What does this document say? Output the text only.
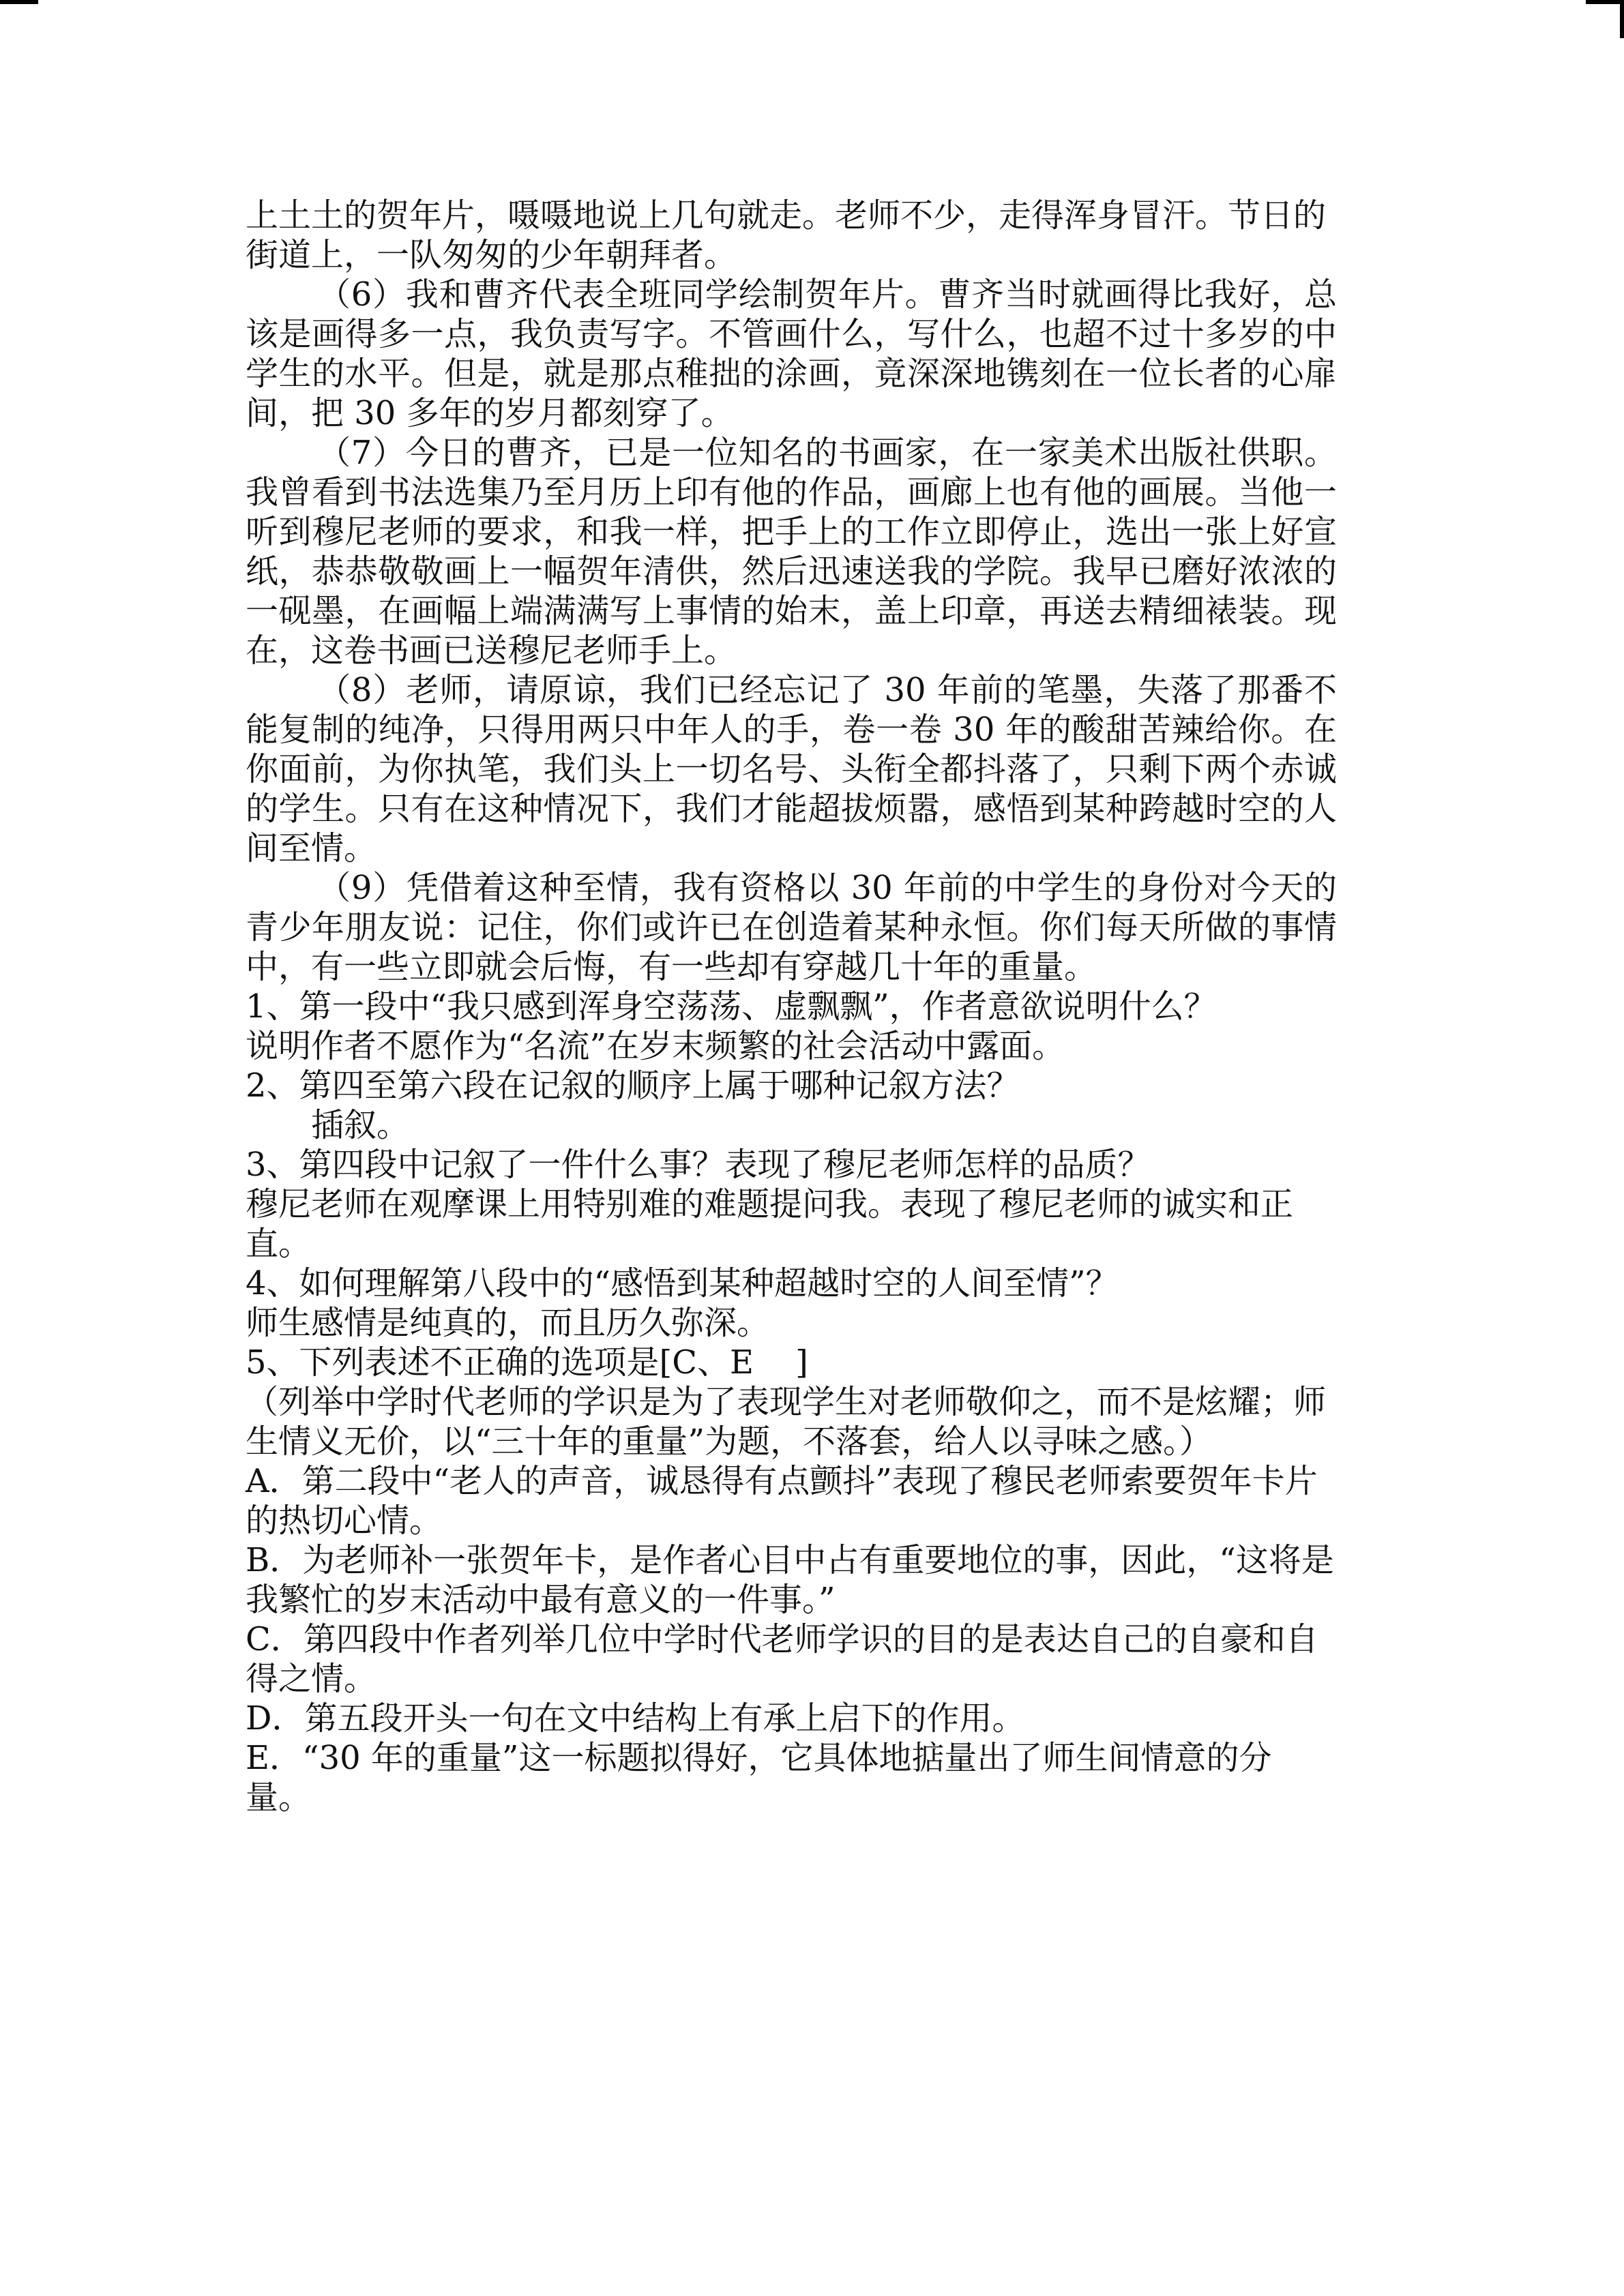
上土土的贺年片，嗫嗫地说上几句就走。老师不少，走得浑身冒汗。节日的街道上，一队匆匆的少年朝拜者。

（6）我和曹齐代表全班同学绘制贺年片。曹齐当时就画得比我好，总该是画得多一点，我负责写字。不管画什么，写什么，也超不过十多岁的中学生的水平。但是，就是那点稚拙的涂画，竟深深地镌刻在一位长者的心扉间，把 30 多年的岁月都刻穿了。

（7）今日的曹齐，已是一位知名的书画家，在一家美术出版社供职。我曾看到书法选集乃至月历上印有他的作品，画廊上也有他的画展。当他一听到穆尼老师的要求，和我一样，把手上的工作立即停止，选出一张上好宣纸，恭恭敬敬画上一幅贺年清供，然后迅速送我的学院。我早已磨好浓浓的一砚墨，在画幅上端满满写上事情的始末，盖上印章，再送去精细裱装。现在，这卷书画已送穆尼老师手上。

（8）老师，请原谅，我们已经忘记了 30 年前的笔墨，失落了那番不能复制的纯净，只得用两只中年人的手，卷一卷 30 年的酸甜苦辣给你。在你面前，为你执笔，我们头上一切名号、头衔全都抖落了，只剩下两个赤诚的学生。只有在这种情况下，我们才能超拔烦嚣，感悟到某种跨越时空的人间至情。

（9）凭借着这种至情，我有资格以 30 年前的中学生的身份对今天的青少年朋友说：记住，你们或许已在创造着某种永恒。你们每天所做的事情中，有一些立即就会后悔，有一些却有穿越几十年的重量。

1、第一段中“我只感到浑身空荡荡、虚飘飘”，作者意欲说明什么？

说明作者不愿作为“名流”在岁末频繁的社会活动中露面。

2、第四至第六段在记叙的顺序上属于哪种记叙方法？

插叙。

3、第四段中记叙了一件什么事？表现了穆尼老师怎样的品质？

穆尼老师在观摩课上用特别难的难题提问我。表现了穆尼老师的诚实和正直。

4、如何理解第八段中的“感悟到某种超越时空的人间至情”？

师生感情是纯真的，而且历久弥深。

5、下列表述不正确的选项是[C、E    ]

（列举中学时代老师的学识是为了表现学生对老师敬仰之，而不是炫耀；师生情义无价，以“三十年的重量”为题，不落套，给人以寻味之感。）

A．第二段中“老人的声音，诚恳得有点颤抖”表现了穆民老师索要贺年卡片的热切心情。

B．为老师补一张贺年卡，是作者心目中占有重要地位的事，因此，“这将是我繁忙的岁末活动中最有意义的一件事。”

C．第四段中作者列举几位中学时代老师学识的目的是表达自己的自豪和自得之情。

D．第五段开头一句在文中结构上有承上启下的作用。

E．“30 年的重量”这一标题拟得好，它具体地掂量出了师生间情意的分量。
